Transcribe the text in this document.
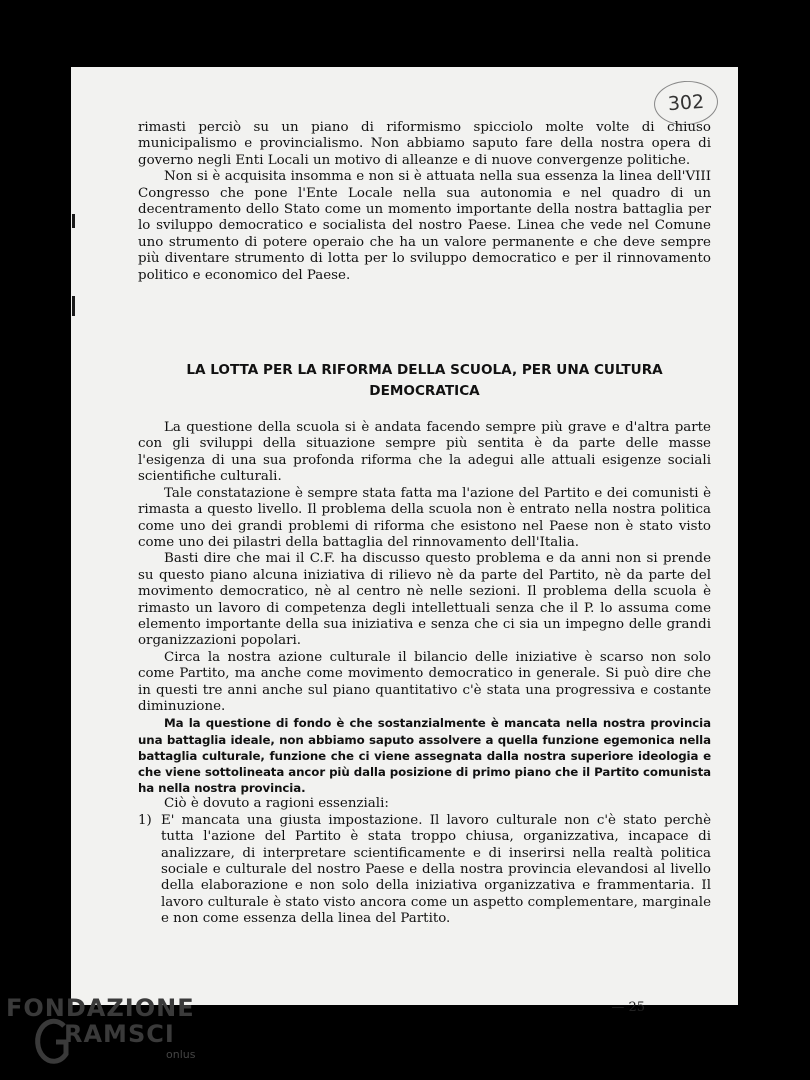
302

rimasti perciò su un piano di riformismo spicciolo molte volte di chiuso municipalismo e provincialismo. Non abbiamo saputo fare della nostra opera di governo negli Enti Locali un motivo di alleanze e di nuove convergenze politiche.

Non si è acquisita insomma e non si è attuata nella sua essenza la linea dell'VIII Congresso che pone l'Ente Locale nella sua autonomia e nel quadro di un decentramento dello Stato come un momento importante della nostra battaglia per lo sviluppo democratico e socialista del nostro Paese. Linea che vede nel Comune uno strumento di potere operaio che ha un valore permanente e che deve sempre più diventare strumento di lotta per lo sviluppo democratico e per il rinnovamento politico e economico del Paese.

LA LOTTA PER LA RIFORMA DELLA SCUOLA, PER UNA CULTURA
DEMOCRATICA

La questione della scuola si è andata facendo sempre più grave e d'altra parte con gli sviluppi della situazione sempre più sentita è da parte delle masse l'esigenza di una sua profonda riforma che la adegui alle attuali esigenze sociali scientifiche culturali.

Tale constatazione è sempre stata fatta ma l'azione del Partito e dei comunisti è rimasta a questo livello. Il problema della scuola non è entrato nella nostra politica come uno dei grandi problemi di riforma che esistono nel Paese non è stato visto come uno dei pilastri della battaglia del rinnovamento dell'Italia.

Basti dire che mai il C.F. ha discusso questo problema e da anni non si prende su questo piano alcuna iniziativa di rilievo nè da parte del Partito, nè da parte del movimento democratico, nè al centro nè nelle sezioni. Il problema della scuola è rimasto un lavoro di competenza degli intellettuali senza che il P. lo assuma come elemento importante della sua iniziativa e senza che ci sia un impegno delle grandi organizzazioni popolari.

Circa la nostra azione culturale il bilancio delle iniziative è scarso non solo come Partito, ma anche come movimento democratico in generale. Si può dire che in questi tre anni anche sul piano quantitativo c'è stata una progressiva e costante diminuzione.

Ma la questione di fondo è che sostanzialmente è mancata nella nostra provincia una battaglia ideale, non abbiamo saputo assolvere a quella funzione egemonica nella battaglia culturale, funzione che ci viene assegnata dalla nostra superiore ideologia e che viene sottolineata ancor più dalla posizione di primo piano che il Partito comunista ha nella nostra provincia.

Ciò è dovuto a ragioni essenziali:

1) E' mancata una giusta impostazione. Il lavoro culturale non c'è stato perchè tutta l'azione del Partito è stata troppo chiusa, organizzativa, incapace di analizzare, di interpretare scientificamente e di inserirsi nella realtà politica sociale e culturale del nostro Paese e della nostra provincia elevandosi al livello della elaborazione e non solo della iniziativa organizzativa e frammentaria. Il lavoro culturale è stato visto ancora come un aspetto complementare, marginale e non come essenza della linea del Partito.
— 25
FONDAZIONE
RAMSCI
onlus
